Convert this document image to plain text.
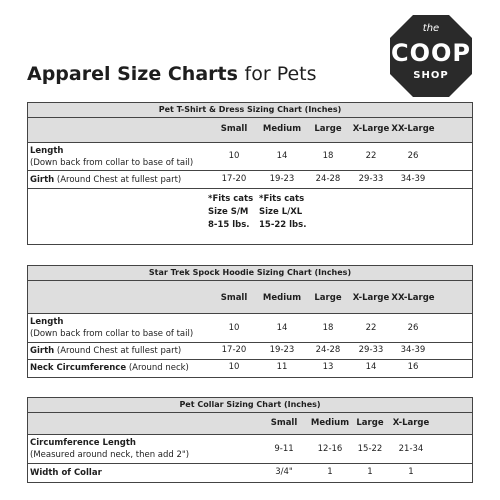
the
COOP
SHOP
Apparel Size Charts for Pets
Pet T-Shirt & Dress Sizing Chart (Inches)
Small	Medium	Large	X-Large XX-Large
Length
(Down back from collar to base of tail)
10	14	18	22	26
Girth (Around Chest at fullest part)	17-20	19-23	24-28	29-33	34-39
*Fits cats
Size S/M
8-15 lbs.
*Fits cats
Size L/XL
15-22 lbs.
Star Trek Spock Hoodie Sizing Chart (Inches)
Small	Medium	Large	X-Large XX-Large
Length
(Down back from collar to base of tail)
10	14	18	22	26
Girth (Around Chest at fullest part)	17-20	19-23	24-28	29-33	34-39
Neck Circumference (Around neck)	10	11	13	14	16
Pet Collar Sizing Chart (Inches)
Small	Medium Large	X-Large
Circumference Length
(Measured around neck, then add 2")
9-11	12-16	15-22	21-34
Width of Collar	3/4"	1	1	1
